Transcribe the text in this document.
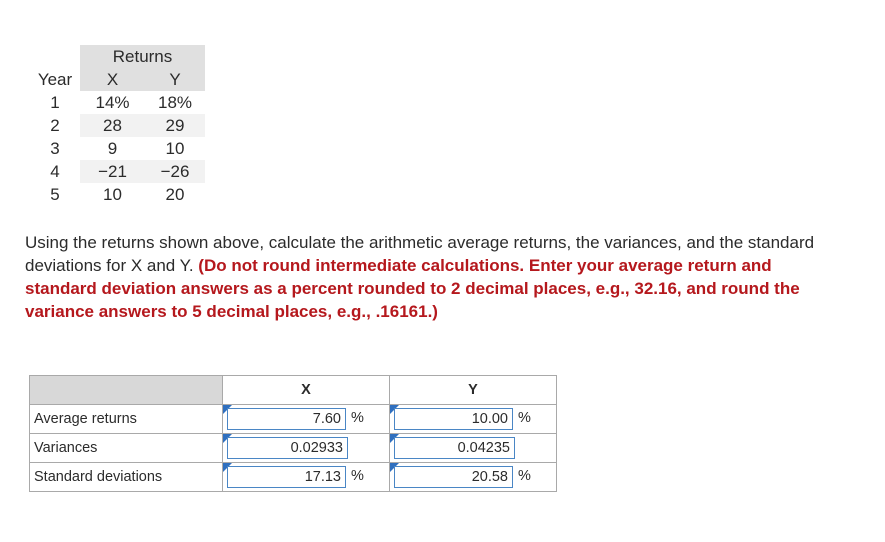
	Returns	
Year	X	Y
1	14%	18%
2	28	29
3	9	10
4	−21	−26
5	10	20
Using the returns shown above, calculate the arithmetic average returns, the variances, and the standard deviations for X and Y. (Do not round intermediate calculations. Enter your average return and standard deviation answers as a percent rounded to 2 decimal places, e.g., 32.16, and round the variance answers to 5 decimal places, e.g., .16161.)
	X	Y
Average returns	7.60 %	10.00 %

Variances	0.02933	0.04235

Standard deviations	17.13 %	20.58 %
